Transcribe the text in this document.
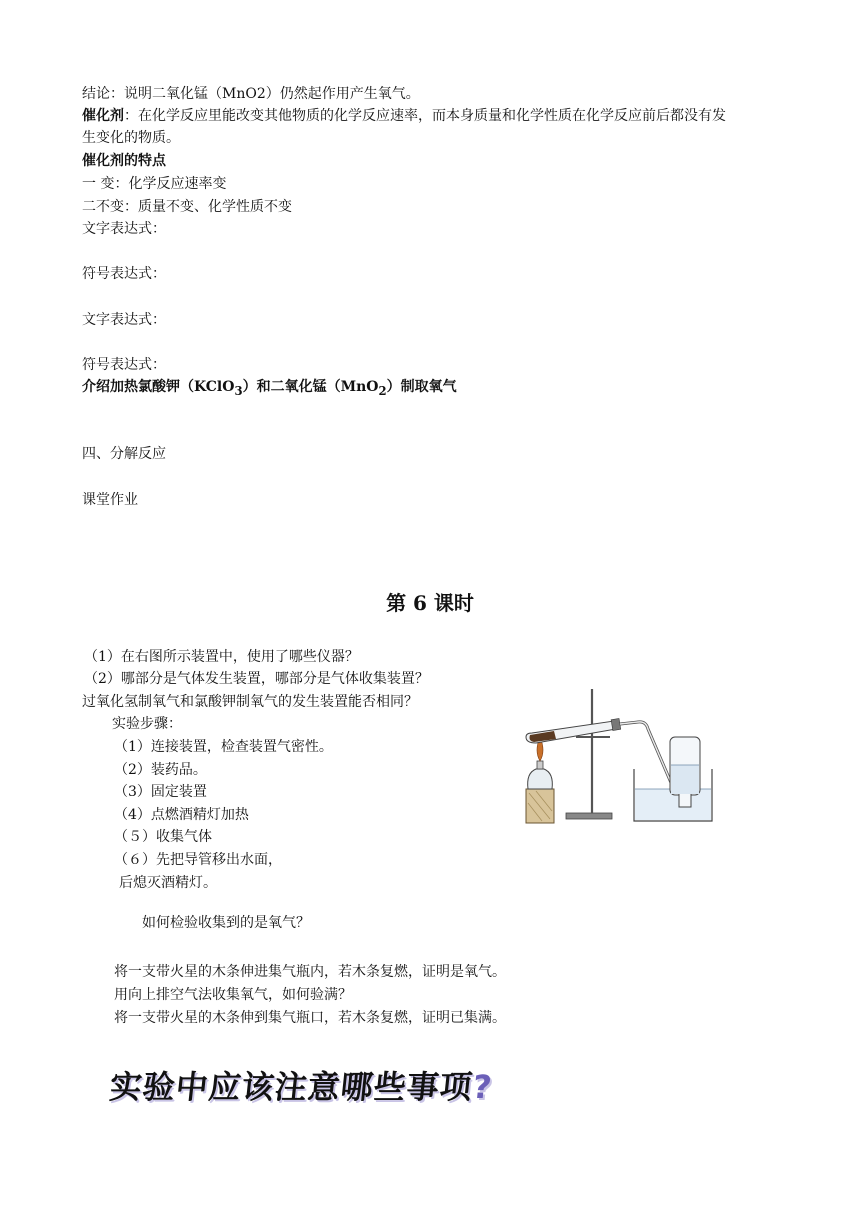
结论：说明二氧化锰（MnO2）仍然起作用产生氧气。
催化剂：在化学反应里能改变其他物质的化学反应速率，而本身质量和化学性质在化学反应前后都没有发
生变化的物质。
催化剂的特点
一 变：化学反应速率变
二不变：质量不变、化学性质不变
文字表达式：
符号表达式：
文字表达式：
符号表达式：
介绍加热氯酸钾（KClO$_3$）和二氧化锰（MnO$_2$）制取氧气
四、分解反应
课堂作业
第 6 课时
（1）在右图所示装置中，使用了哪些仪器？
（2）哪部分是气体发生装置，哪部分是气体收集装置？
过氧化氢制氧气和氯酸钾制氧气的发生装置能否相同？
实验步骤：
（1）连接装置，检查装置气密性。
（2）装药品。
（3）固定装置
（4）点燃酒精灯加热
（５）收集气体
（６）先把导管移出水面，
后熄灭酒精灯。
如何检验收集到的是氧气？
将一支带火星的木条伸进集气瓶内，若木条复燃，证明是氧气。
用向上排空气法收集氧气，如何验满？
将一支带火星的木条伸到集气瓶口，若木条复燃，证明已集满。
实验中应该注意哪些事项?
